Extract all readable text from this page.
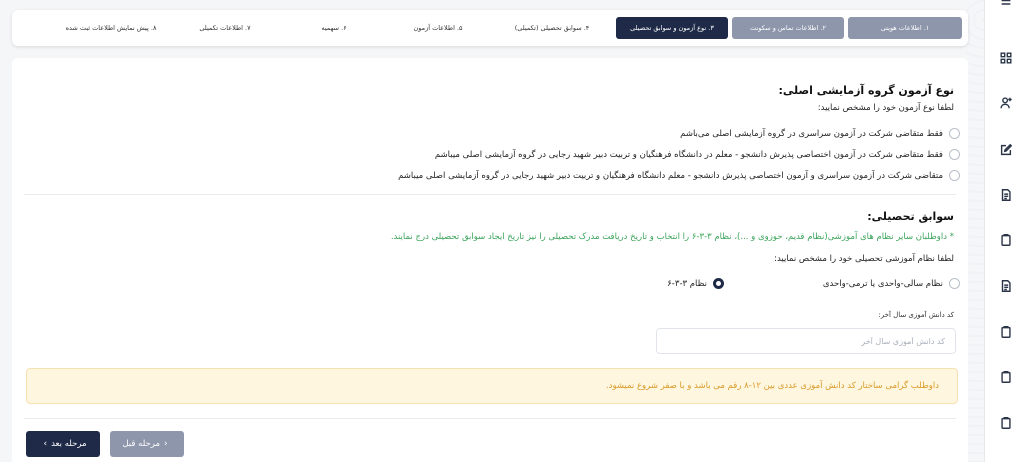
۱. اطلاعات هویتی
۲. اطلاعات تماس و سکونت
۳. نوع آزمون و سوابق تحصیلی
۴. سوابق تحصیلی (تکمیلی)
۵. اطلاعات آزمون
۶. سهمیه
۷. اطلاعات تکمیلی
۸. پیش نمایش اطلاعات ثبت شده
نوع آزمون گروه آزمایشی اصلی:
لطفا نوع آزمون خود را مشخص نمایید:
فقط متقاضی شرکت در آزمون سراسری در گروه آزمایشی اصلی می‌باشم
فقط متقاضی شرکت در آزمون اختصاصی پذیرش دانشجو - معلم در دانشگاه فرهنگیان و تربیت دبیر شهید رجایی در گروه آزمایشی اصلی میباشم
متقاضی شرکت در آزمون سراسری و آزمون اختصاصی پذیرش دانشجو - معلم دانشگاه فرهنگیان و تربیت دبیر شهید رجایی در گروه آزمایشی اصلی میباشم
سوابق تحصیلی:
* داوطلبان سایر نظام های آموزشی(نظام قدیم، حوزوی و ...)، نظام ۳-۳-۶ را انتخاب و تاریخ دریافت مدرک تحصیلی را نیز تاریخ ایجاد سوابق تحصیلی درج نمایند.
لطفا نظام آموزشی تحصیلی خود را مشخص نمایید:
نظام سالی-واحدی یا ترمی-واحدی
نظام ۳-۳-۶
کد دانش آموزی سال آخر:
کد دانش آموزی سال آخر
داوطلب گرامی ساختار کد دانش آموزی عددی بین ۱۲-۸ رقم می باشد و با صفر شروع نمیشود.
مرحله بعد
›	‹
مرحله قبل
